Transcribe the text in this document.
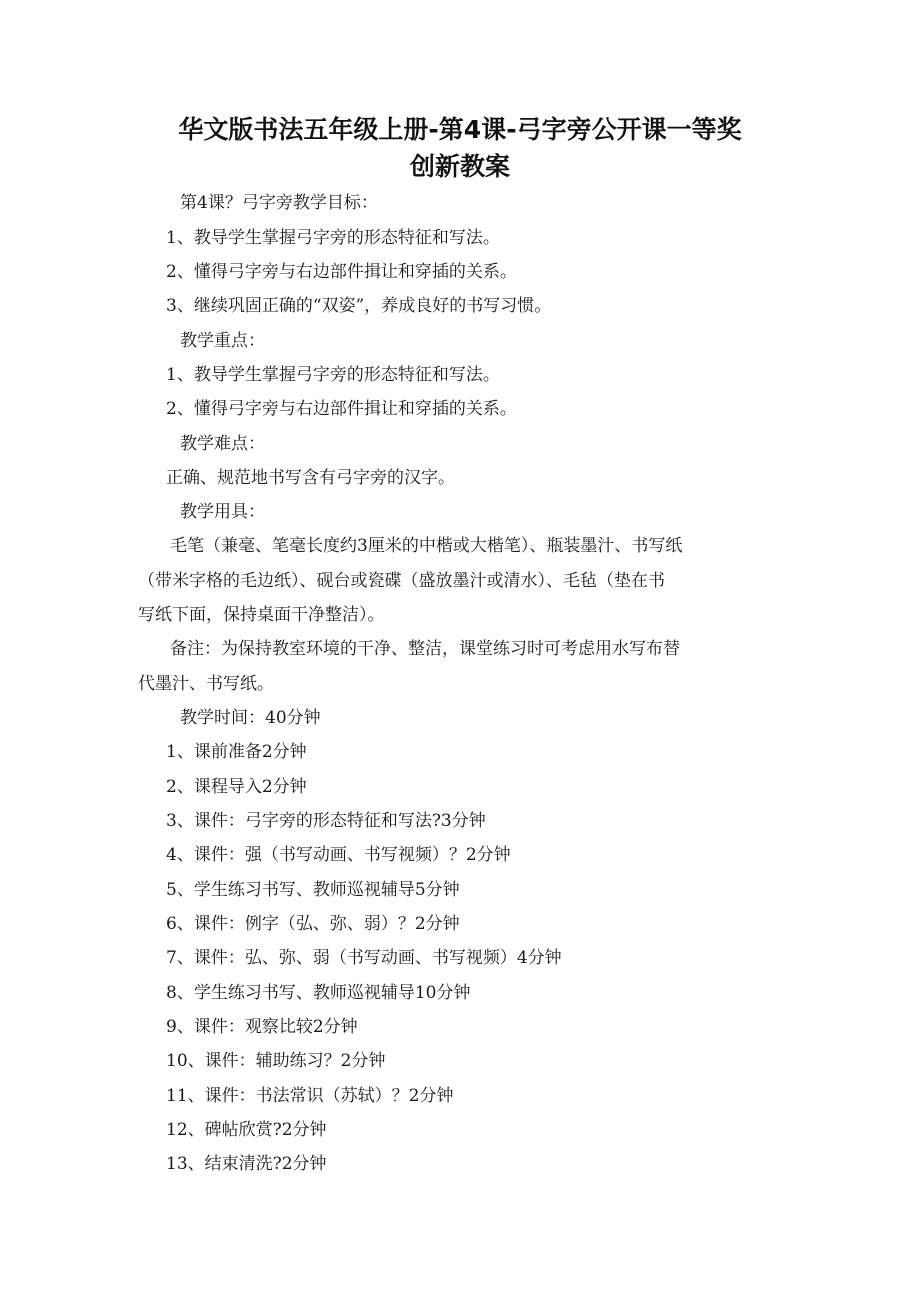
华文版书法五年级上册-第4课-弓字旁公开课一等奖
创新教案
第4课？弓字旁教学目标：
1、教导学生掌握弓字旁的形态特征和写法。
2、懂得弓字旁与右边部件揖让和穿插的关系。
3、继续巩固正确的“双姿”，养成良好的书写习惯。
教学重点：
1、教导学生掌握弓字旁的形态特征和写法。
2、懂得弓字旁与右边部件揖让和穿插的关系。
教学难点：
正确、规范地书写含有弓字旁的汉字。
教学用具：
毛笔（兼毫、笔毫长度约3厘米的中楷或大楷笔）、瓶装墨汁、书写纸
（带米字格的毛边纸）、砚台或瓷碟（盛放墨汁或清水）、毛毡（垫在书
写纸下面，保持桌面干净整洁）。
备注：为保持教室环境的干净、整洁，课堂练习时可考虑用水写布替
代墨汁、书写纸。
教学时间：40分钟
1、课前准备2分钟
2、课程导入2分钟
3、课件：弓字旁的形态特征和写法?3分钟
4、课件：强（书写动画、书写视频）？2分钟
5、学生练习书写、教师巡视辅导5分钟
6、课件：例字（弘、弥、弱）？2分钟
7、课件：弘、弥、弱（书写动画、书写视频）4分钟
8、学生练习书写、教师巡视辅导10分钟
9、课件：观察比较2分钟
10、课件：辅助练习？2分钟
11、课件：书法常识（苏轼）？2分钟
12、碑帖欣赏?2分钟
13、结束清洗?2分钟
